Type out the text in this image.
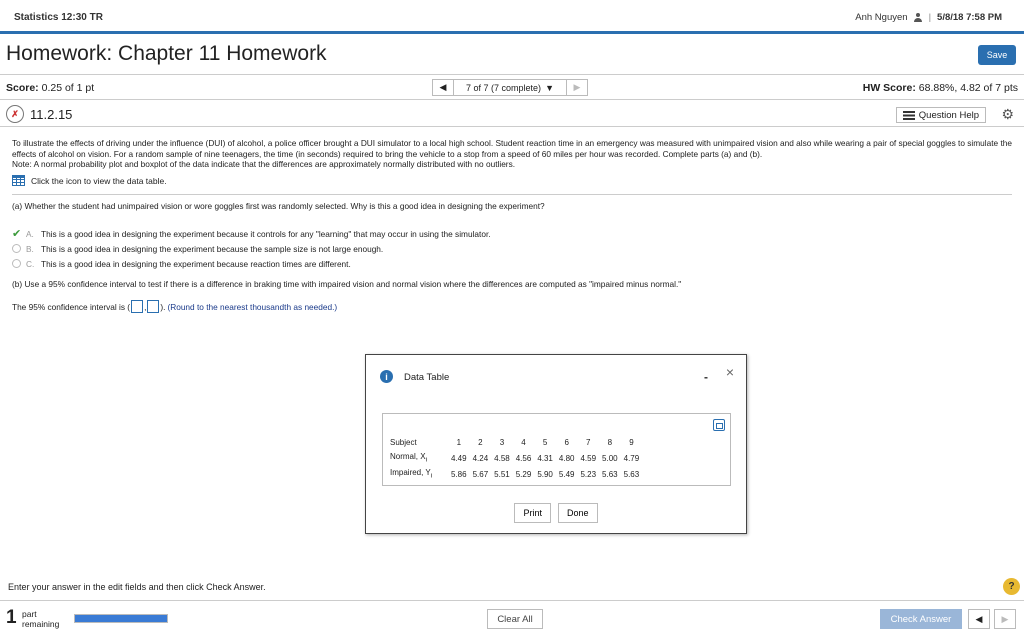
Statistics 12:30 TR	Anh Nguyen | 5/8/18 7:58 PM
Homework: Chapter 11 Homework	Save
Score: 0.25 of 1 pt	◀ 7 of 7 (7 complete) ▼ ▶	HW Score: 68.88%, 4.82 of 7 pts
✗ 11.2.15	Question Help ⚙
To illustrate the effects of driving under the influence (DUI) of alcohol, a police officer brought a DUI simulator to a local high school. Student reaction time in an emergency was measured with unimpaired vision and also while wearing a pair of special goggles to simulate the effects of alcohol on vision. For a random sample of nine teenagers, the time (in seconds) required to bring the vehicle to a stop from a speed of 60 miles per hour was recorded. Complete parts (a) and (b).
Note: A normal probability plot and boxplot of the data indicate that the differences are approximately normally distributed with no outliers.
Click the icon to view the data table.
(a) Whether the student had unimpaired vision or wore goggles first was randomly selected. Why is this a good idea in designing the experiment?
✔ A. This is a good idea in designing the experiment because it controls for any "learning" that may occur in using the simulator.
B. This is a good idea in designing the experiment because the sample size is not large enough.
C. This is a good idea in designing the experiment because reaction times are different.
(b) Use a 95% confidence interval to test if there is a difference in braking time with impaired vision and normal vision where the differences are computed as "impaired minus normal."
The 95% confidence interval is ( , ). (Round to the nearest thousandth as needed.)
i	Data Table	- ×
Subject	1	2	3	4	5	6	7	8	9
Normal, $X_i$	4.49	4.24	4.58	4.56	4.31	4.80	4.59	5.00	4.79
Impaired, $Y_i$	5.86	5.67	5.51	5.29	5.90	5.49	5.23	5.63	5.63
Print	Done
Enter your answer in the edit fields and then click Check Answer.	?
1 part
remaining	Clear All	Check Answer	◀ ▶
